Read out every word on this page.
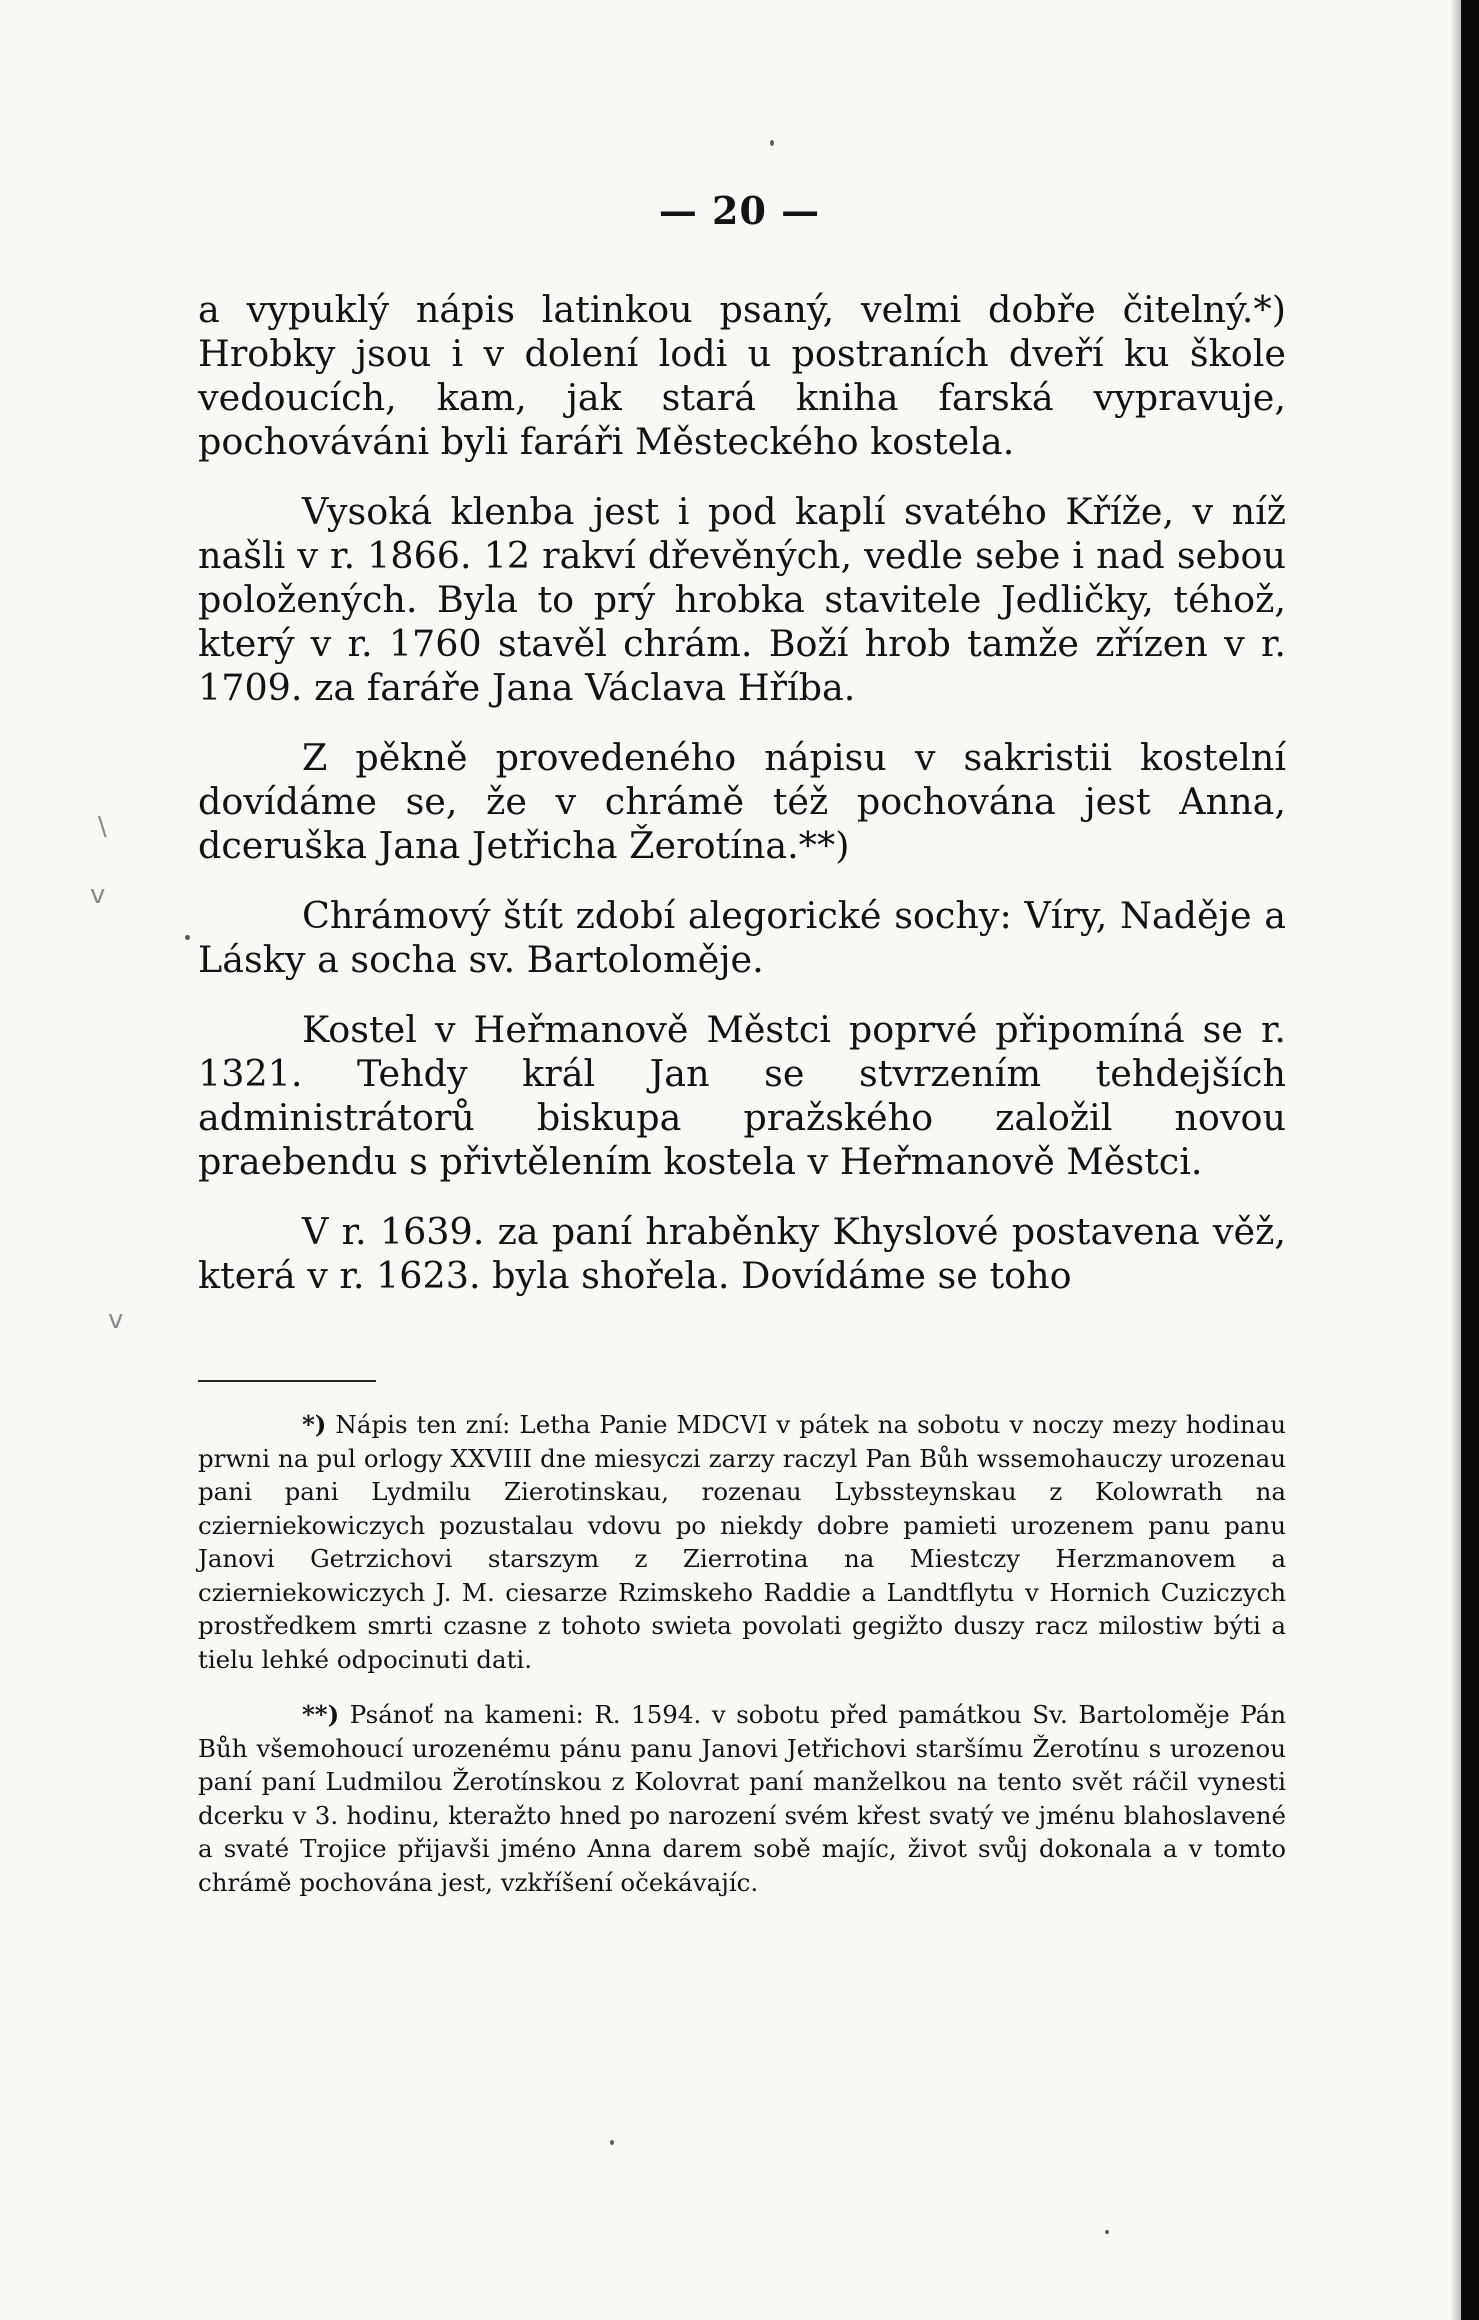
\
v
v
— 20 —

a vypuklý nápis latinkou psaný, velmi dobře čitelný.*) Hrobky jsou i v dolení lodi u postraních dveří ku škole vedoucích, kam, jak stará kniha farská vypravuje, pochováváni byli faráři Městeckého kostela.

Vysoká klenba jest i pod kaplí svatého Kříže, v níž našli v r. 1866. 12 rakví dřevěných, vedle sebe i nad sebou položených. Byla to prý hrobka stavitele Jedličky, téhož, který v r. 1760 stavěl chrám. Boží hrob tamže zřízen v r. 1709. za faráře Jana Václava Hříba.

Z pěkně provedeného nápisu v sakristii kostelní dovídáme se, že v chrámě též pochována jest Anna, dceruška Jana Jetřicha Žerotína.**)

Chrámový štít zdobí alegorické sochy: Víry, Naděje a Lásky a socha sv. Bartoloměje.

Kostel v Heřmanově Městci poprvé připomíná se r. 1321. Tehdy král Jan se stvrzením tehdejších administrátorů biskupa pražského založil novou praebendu s přivtělením kostela v Heřmanově Městci.

V r. 1639. za paní hraběnky Khyslové postavena věž, která v r. 1623. byla shořela. Dovídáme se toho

*) Nápis ten zní: Letha Panie MDCVI v pátek na sobotu v noczy mezy hodinau prwni na pul orlogy XXVIII dne miesyczi zarzy raczyl Pan Bůh wssemohauczy urozenau pani pani Lydmilu Zierotinskau, rozenau Lybssteynskau z Kolowrath na czierniekowiczych pozustalau vdovu po niekdy dobre pamieti urozenem panu panu Janovi Getrzichovi starszym z Zierrotina na Miestczy Herzmanovem a czierniekowiczych J. M. ciesarze Rzimskeho Raddie a Landtflytu v Hornich Cuziczych prostředkem smrti czasne z tohoto swieta povolati gegižto duszy racz milostiw býti a tielu lehké odpocinuti dati.

**) Psánoť na kameni: R. 1594. v sobotu před památkou Sv. Bartoloměje Pán Bůh všemohoucí urozenému pánu panu Janovi Jetřichovi staršímu Žerotínu s urozenou paní paní Ludmilou Žerotínskou z Kolovrat paní manželkou na tento svět ráčil vynesti dcerku v 3. hodinu, kteražto hned po narození svém křest svatý ve jménu blahoslavené a svaté Trojice přijavši jméno Anna darem sobě majíc, život svůj dokonala a v tomto chrámě pochována jest, vzkříšení očekávajíc.
